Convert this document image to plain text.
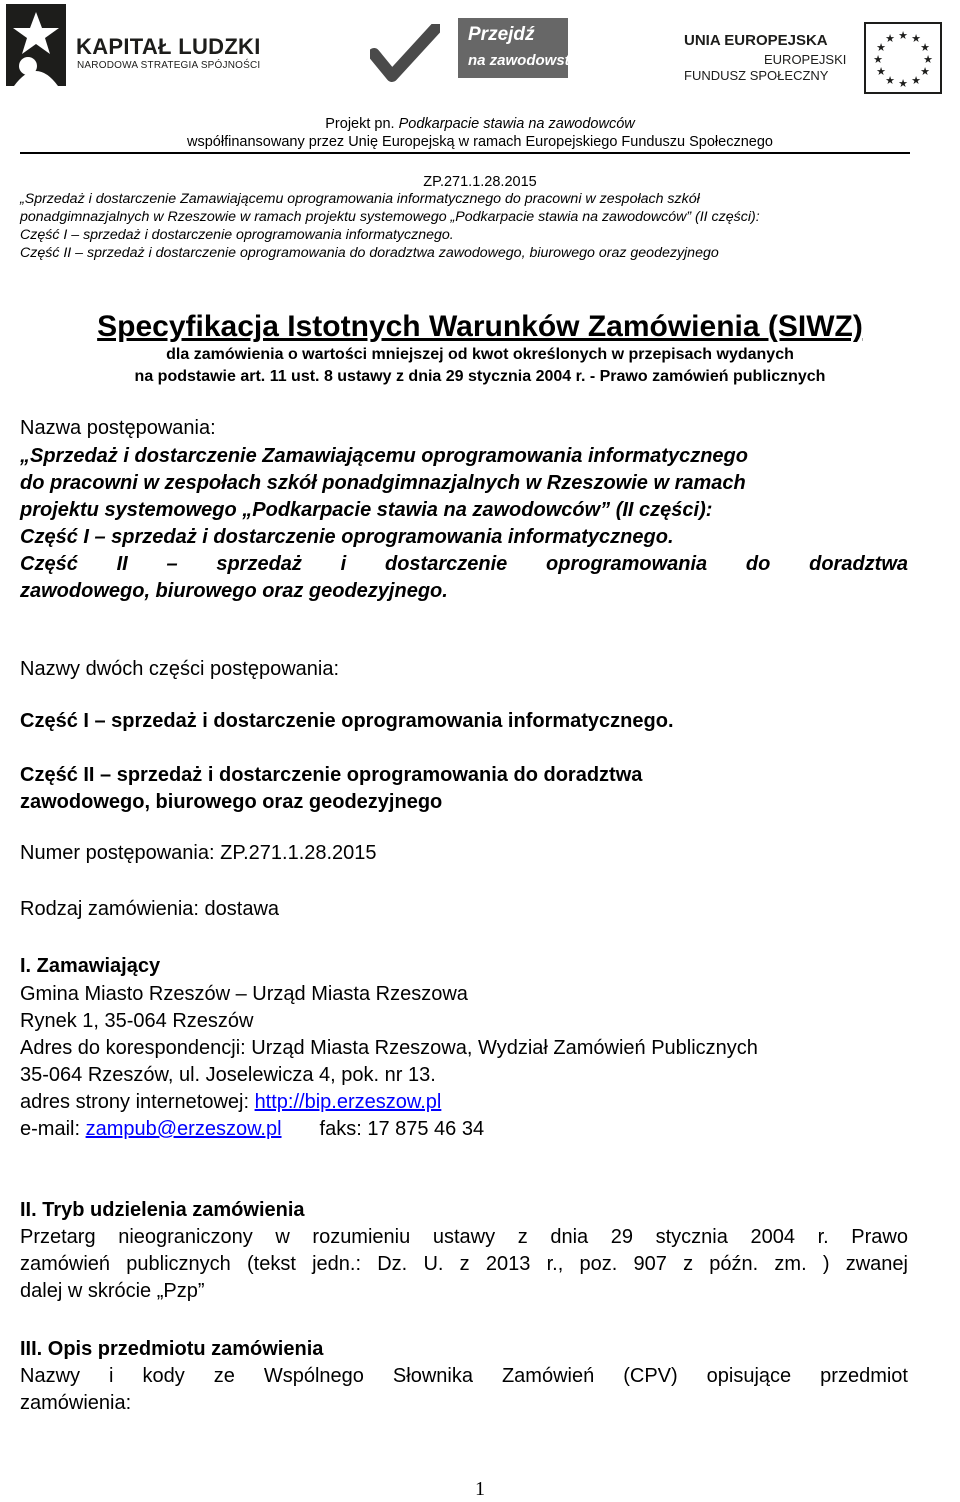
KAPITAŁ LUDZKI
NARODOWA STRATEGIA SPÓJNOŚCI
Przejdź
na zawodowstwo
UNIA EUROPEJSKA
EUROPEJSKI
FUNDUSZ SPOŁECZNY
★ ★
★
★
★
★
★
★
★
★
★
★
Projekt pn. Podkarpacie stawia na zawodowców
współfinansowany przez Unię Europejską w ramach Europejskiego Funduszu Społecznego
ZP.271.1.28.2015
„Sprzedaż i dostarczenie Zamawiającemu oprogramowania informatycznego do pracowni w zespołach szkół
ponadgimnazjalnych w Rzeszowie w ramach projektu systemowego „Podkarpacie stawia na zawodowców” (II części):
Część I – sprzedaż i dostarczenie oprogramowania informatycznego.
Część II – sprzedaż i dostarczenie oprogramowania do doradztwa zawodowego, biurowego oraz geodezyjnego
Specyfikacja Istotnych Warunków Zamówienia (SIWZ)
dla zamówienia o wartości mniejszej od kwot określonych w przepisach wydanych
na podstawie art. 11 ust. 8 ustawy z dnia 29 stycznia 2004 r. - Prawo zamówień publicznych
Nazwa postępowania:
„Sprzedaż i dostarczenie Zamawiającemu oprogramowania informatycznego
do pracowni w zespołach szkół ponadgimnazjalnych w Rzeszowie w ramach
projektu systemowego „Podkarpacie stawia na zawodowców” (II części):
Część I – sprzedaż i dostarczenie oprogramowania informatycznego.
Część II – sprzedaż i dostarczenie oprogramowania do doradztwa
zawodowego, biurowego oraz geodezyjnego.
Nazwy dwóch części postępowania:
Część I – sprzedaż i dostarczenie oprogramowania informatycznego.
Część II – sprzedaż i dostarczenie oprogramowania do doradztwa
zawodowego, biurowego oraz geodezyjnego
Numer postępowania: ZP.271.1.28.2015
Rodzaj zamówienia: dostawa
I. Zamawiający
Gmina Miasto Rzeszów – Urząd Miasta Rzeszowa
Rynek 1, 35-064 Rzeszów
Adres do korespondencji: Urząd Miasta Rzeszowa, Wydział Zamówień Publicznych
35-064 Rzeszów, ul. Joselewicza 4, pok. nr 13.
adres strony internetowej: http://bip.erzeszow.pl
e-mail: zampub@erzeszow.pl faks: 17 875 46 34
II. Tryb udzielenia zamówienia
Przetarg nieograniczony w rozumieniu ustawy z dnia 29 stycznia 2004 r. Prawo
zamówień publicznych (tekst jedn.: Dz. U. z 2013 r., poz. 907 z późn. zm. ) zwanej
dalej w skrócie „Pzp”
III. Opis przedmiotu zamówienia
Nazwy i kody ze Wspólnego Słownika Zamówień (CPV) opisujące przedmiot
zamówienia:
1
